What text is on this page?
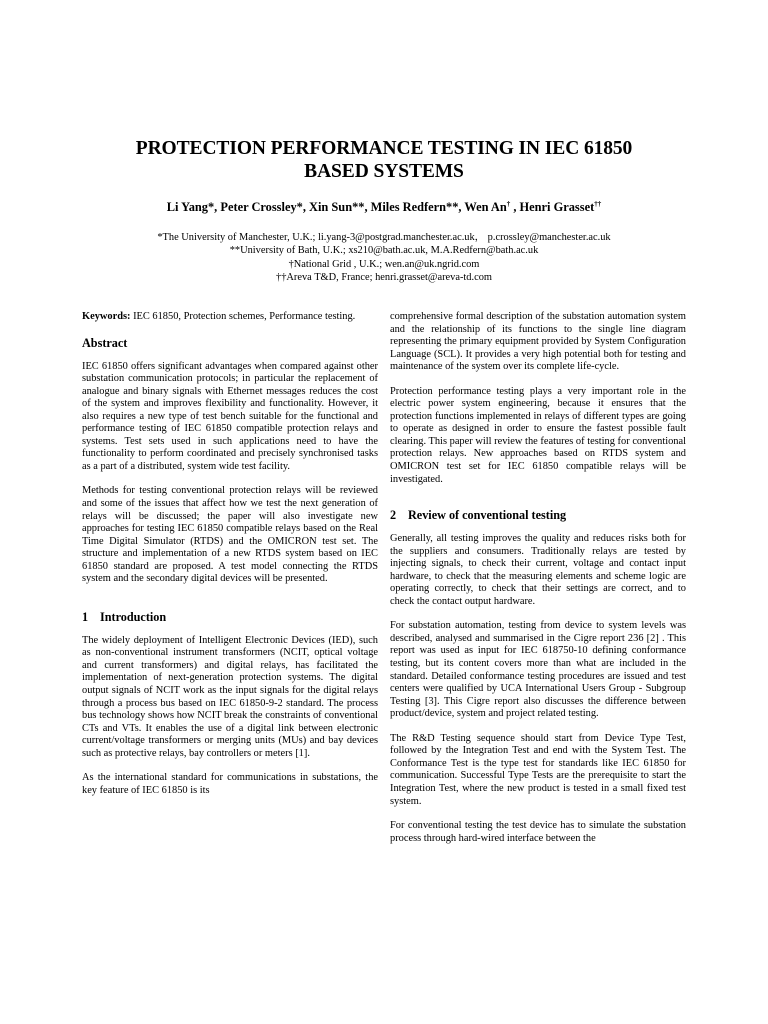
PROTECTION PERFORMANCE TESTING IN IEC 61850
BASED SYSTEMS
Li Yang*, Peter Crossley*, Xin Sun**, Miles Redfern**, Wen An† , Henri Grasset††
*The University of Manchester, U.K.; li.yang-3@postgrad.manchester.ac.uk， p.crossley@manchester.ac.uk
**University of Bath, U.K.; xs210@bath.ac.uk, M.A.Redfern@bath.ac.uk
†National Grid , U.K.; wen.an@uk.ngrid.com
††Areva T&D, France; henri.grasset@areva-td.com

Keywords: IEC 61850, Protection schemes, Performance testing.

Abstract

IEC 61850 offers significant advantages when compared against other substation communication protocols; in particular the replacement of analogue and binary signals with Ethernet messages reduces the cost of the system and improves flexibility and functionality. However, it also requires a new type of test bench suitable for the functional and performance testing of IEC 61850 compatible protection relays and systems. Test sets used in such applications need to have the functionality to perform coordinated and precisely synchronised tasks as a part of a distributed, system wide test facility.

Methods for testing conventional protection relays will be reviewed and some of the issues that affect how we test the next generation of relays will be discussed; the paper will also investigate new approaches for testing IEC 61850 compatible relays based on the Real Time Digital Simulator (RTDS) and the OMICRON test set. The structure and implementation of a new RTDS system based on IEC 61850 standard are proposed. A test model connecting the RTDS system and the secondary digital devices will be presented.

1 Introduction

The widely deployment of Intelligent Electronic Devices (IED), such as non-conventional instrument transformers (NCIT, optical voltage and current transformers) and digital relays, has facilitated the implementation of next-generation protection systems. The digital output signals of NCIT work as the input signals for the digital relays through a process bus based on IEC 61850-9-2 standard. The process bus technology shows how NCIT break the constraints of conventional CTs and VTs. It enables the use of a digital link between electronic current/voltage transformers or merging units (MUs) and bay devices such as protective relays, bay controllers or meters [1].

As the international standard for communications in substations, the key feature of IEC 61850 is its

comprehensive formal description of the substation automation system and the relationship of its functions to the single line diagram representing the primary equipment provided by System Configuration Language (SCL). It provides a very high potential both for testing and maintenance of the system over its complete life-cycle.

Protection performance testing plays a very important role in the electric power system engineering, because it ensures that the protection functions implemented in relays of different types are going to operate as designed in order to ensure the fastest possible fault clearing. This paper will review the features of testing for conventional protection relays. New approaches based on RTDS system and OMICRON test set for IEC 61850 compatible relays will be investigated.

2 Review of conventional testing

Generally, all testing improves the quality and reduces risks both for the suppliers and consumers. Traditionally relays are tested by injecting signals, to check their current, voltage and contact input hardware, to check that the measuring elements and scheme logic are operating correctly, to check that their settings are correct, and to check the contact output hardware.

For substation automation, testing from device to system levels was described, analysed and summarised in the Cigre report 236 [2] . This report was used as input for IEC 618750-10 defining conformance testing, but its content covers more than what are included in the standard. Detailed conformance testing procedures are issued and test centers were qualified by UCA International Users Group - Subgroup Testing [3]. This Cigre report also discusses the difference between product/device, system and project related testing.

The R&D Testing sequence should start from Device Type Test, followed by the Integration Test and end with the System Test. The Conformance Test is the type test for standards like IEC 61850 for communication. Successful Type Tests are the prerequisite to start the Integration Test, where the new product is tested in a small fixed test system.

For conventional testing the test device has to simulate the substation process through hard-wired interface between the
